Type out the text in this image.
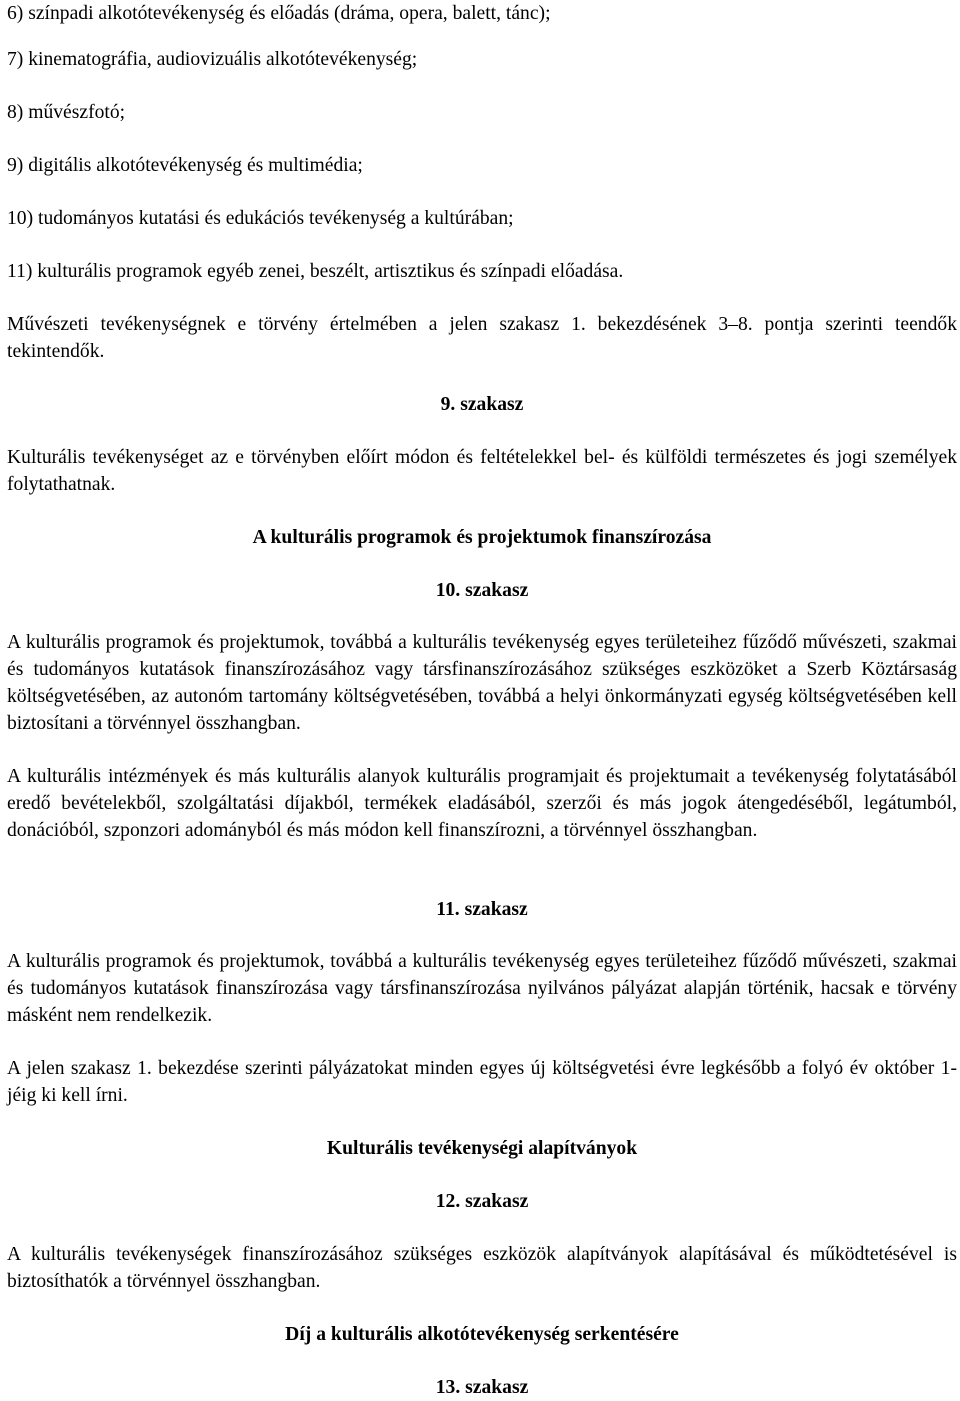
6) színpadi alkotótevékenység és előadás (dráma, opera, balett, tánc);
7) kinematográfia, audiovizuális alkotótevékenység;
8) művészfotó;
9) digitális alkotótevékenység és multimédia;
10) tudományos kutatási és edukációs tevékenység a kultúrában;
11) kulturális programok egyéb zenei, beszélt, artisztikus és színpadi előadása.
Művészeti tevékenységnek e törvény értelmében a jelen szakasz 1. bekezdésének 3–8. pontja szerinti teendők tekintendők.
9. szakasz
Kulturális tevékenységet az e törvényben előírt módon és feltételekkel bel- és külföldi természetes és jogi személyek folytathatnak.
A kulturális programok és projektumok finanszírozása
10. szakasz
A kulturális programok és projektumok, továbbá a kulturális tevékenység egyes területeihez fűződő művészeti, szakmai és tudományos kutatások finanszírozásához vagy társfinanszírozásához szükséges eszközöket a Szerb Köztársaság költségvetésében, az autonóm tartomány költségvetésében, továbbá a helyi önkormányzati egység költségvetésében kell biztosítani a törvénnyel összhangban.
A kulturális intézmények és más kulturális alanyok kulturális programjait és projektumait a tevékenység folytatásából eredő bevételekből, szolgáltatási díjakból, termékek eladásából, szerzői és más jogok átengedéséből, legátumból, donációból, szponzori adományból és más módon kell finanszírozni, a törvénnyel összhangban.
11. szakasz
A kulturális programok és projektumok, továbbá a kulturális tevékenység egyes területeihez fűződő művészeti, szakmai és tudományos kutatások finanszírozása vagy társfinanszírozása nyilvános pályázat alapján történik, hacsak e törvény másként nem rendelkezik.
A jelen szakasz 1. bekezdése szerinti pályázatokat minden egyes új költségvetési évre legkésőbb a folyó év október 1-jéig ki kell írni.
Kulturális tevékenységi alapítványok
12. szakasz
A kulturális tevékenységek finanszírozásához szükséges eszközök alapítványok alapításával és működtetésével is biztosíthatók a törvénnyel összhangban.
Díj a kulturális alkotótevékenység serkentésére
13. szakasz
